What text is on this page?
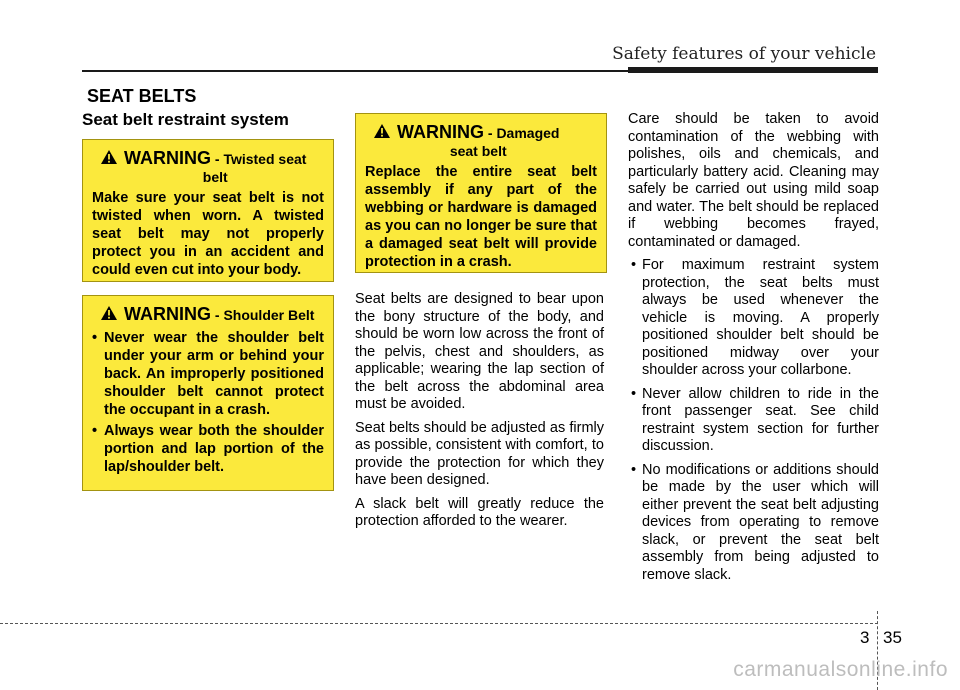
Safety features of your vehicle
SEAT BELTS
Seat belt restraint system
WARNING - Twisted seat
belt

Make sure your seat belt is not twisted when worn. A twisted seat belt may not properly protect you in an accident and could even cut into your body.

WARNING - Shoulder Belt
• Never wear the shoulder belt under your arm or behind your back. An improperly positioned shoulder belt cannot protect the occupant in a crash.
• Always wear both the shoulder portion and lap portion of the lap/shoulder belt.
WARNING - Damaged
seat belt

Replace the entire seat belt assembly if any part of the webbing or hardware is damaged as you can no longer be sure that a damaged seat belt will provide protection in a crash.

Seat belts are designed to bear upon the bony structure of the body, and should be worn low across the front of the pelvis, chest and shoulders, as applicable; wearing the lap section of the belt across the abdominal area must be avoided.

Seat belts should be adjusted as firmly as possible, consistent with comfort, to provide the protection for which they have been designed.

A slack belt will greatly reduce the protection afforded to the wearer.

Care should be taken to avoid contamination of the webbing with polishes, oils and chemicals, and particularly battery acid. Cleaning may safely be carried out using mild soap and water. The belt should be replaced if webbing becomes frayed, contaminated or damaged.

• For maximum restraint system protection, the seat belts must always be used whenever the vehicle is moving. A properly positioned shoulder belt should be positioned midway over your shoulder across your collarbone.
• Never allow children to ride in the front passenger seat. See child restraint system section for further discussion.
• No modifications or additions should be made by the user which will either prevent the seat belt adjusting devices from operating to remove slack, or prevent the seat belt assembly from being adjusted to remove slack.
3 35
carmanualsonline.info
